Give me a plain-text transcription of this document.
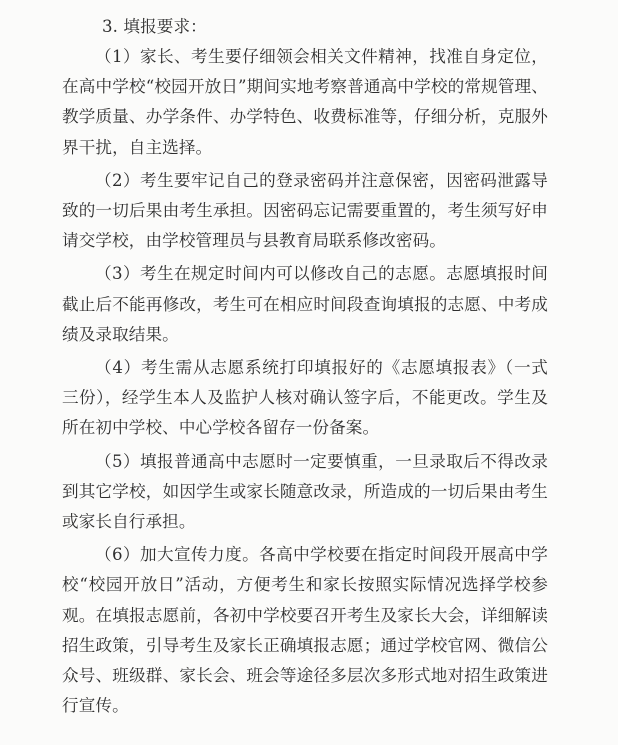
3. 填报要求：

（1）家长、考生要仔细领会相关文件精神，找准自身定位，在高中学校“校园开放日”期间实地考察普通高中学校的常规管理、教学质量、办学条件、办学特色、收费标准等，仔细分析，克服外界干扰，自主选择。

（2）考生要牢记自己的登录密码并注意保密，因密码泄露导致的一切后果由考生承担。因密码忘记需要重置的，考生须写好申请交学校，由学校管理员与县教育局联系修改密码。

（3）考生在规定时间内可以修改自己的志愿。志愿填报时间截止后不能再修改，考生可在相应时间段查询填报的志愿、中考成绩及录取结果。

（4）考生需从志愿系统打印填报好的《志愿填报表》（一式三份），经学生本人及监护人核对确认签字后，不能更改。学生及所在初中学校、中心学校各留存一份备案。

（5）填报普通高中志愿时一定要慎重，一旦录取后不得改录到其它学校，如因学生或家长随意改录，所造成的一切后果由考生或家长自行承担。

（6）加大宣传力度。各高中学校要在指定时间段开展高中学校“校园开放日”活动，方便考生和家长按照实际情况选择学校参观。在填报志愿前，各初中学校要召开考生及家长大会，详细解读招生政策，引导考生及家长正确填报志愿；通过学校官网、微信公众号、班级群、家长会、班会等途径多层次多形式地对招生政策进行宣传。
